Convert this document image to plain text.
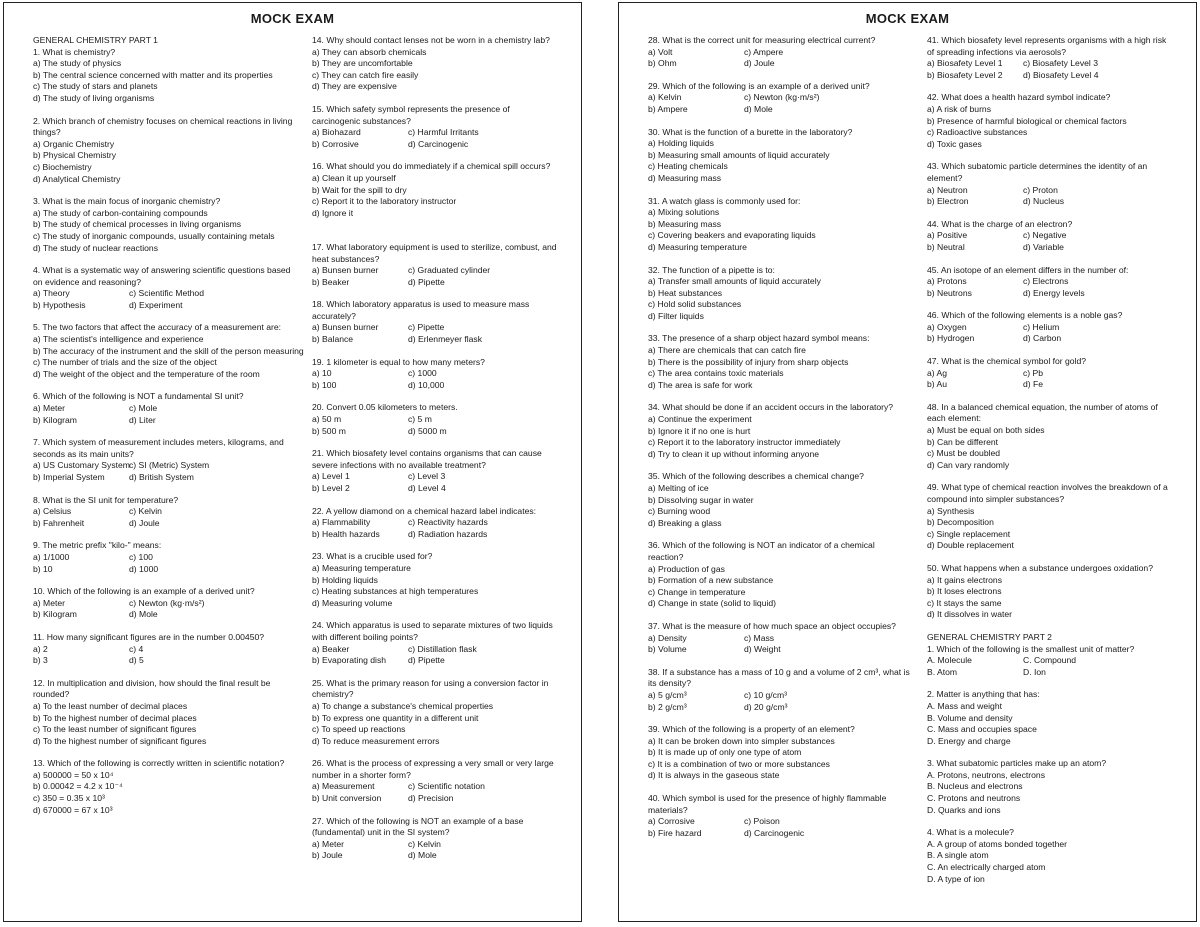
MOCK EXAM
GENERAL CHEMISTRY PART 1
1. What is chemistry?
a) The study of physics
b) The central science concerned with matter and its properties
c) The study of stars and planets
d) The study of living organisms
2. Which branch of chemistry focuses on chemical reactions in living things?
a) Organic Chemistry
b) Physical Chemistry
c) Biochemistry
d) Analytical Chemistry
3. What is the main focus of inorganic chemistry?
a) The study of carbon-containing compounds
b) The study of chemical processes in living organisms
c) The study of inorganic compounds, usually containing metals
d) The study of nuclear reactions
4. What is a systematic way of answering scientific questions based on evidence and reasoning?
a) Theory	c) Scientific Method
b) Hypothesis	d) Experiment
5. The two factors that affect the accuracy of a measurement are:
a) The scientist's intelligence and experience
b) The accuracy of the instrument and the skill of the person measuring
c) The number of trials and the size of the object
d) The weight of the object and the temperature of the room
6. Which of the following is NOT a fundamental SI unit?
a) Meter	c) Mole
b) Kilogram	d) Liter
7. Which system of measurement includes meters, kilograms, and seconds as its main units?
a) US Customary System c) SI (Metric) System
b) Imperial System	d) British System
8. What is the SI unit for temperature?
a) Celsius	c) Kelvin
b) Fahrenheit	d) Joule
9. The metric prefix "kilo-" means:
a) 1/1000	c) 100
b) 10	d) 1000
10. Which of the following is an example of a derived unit?
a) Meter	c) Newton (kg·m/s²)
b) Kilogram	d) Mole
11. How many significant figures are in the number 0.00450?
a) 2	c) 4
b) 3	d) 5
12. In multiplication and division, how should the final result be rounded?
a) To the least number of decimal places
b) To the highest number of decimal places
c) To the least number of significant figures
d) To the highest number of significant figures
13. Which of the following is correctly written in scientific notation?
a) 500000 = 50 x 10⁴
b) 0.00042 = 4.2 x 10⁻⁴
c) 350 = 0.35 x 10³
d) 670000 = 67 x 10³
14. Why should contact lenses not be worn in a chemistry lab?
a) They can absorb chemicals
b) They are uncomfortable
c) They can catch fire easily
d) They are expensive
15. Which safety symbol represents the presence of carcinogenic substances?
a) Biohazard	c) Harmful Irritants
b) Corrosive	d) Carcinogenic
16. What should you do immediately if a chemical spill occurs?
a) Clean it up yourself
b) Wait for the spill to dry
c) Report it to the laboratory instructor
d) Ignore it
17. What laboratory equipment is used to sterilize, combust, and heat substances?
a) Bunsen burner	c) Graduated cylinder
b) Beaker	d) Pipette
18. Which laboratory apparatus is used to measure mass accurately?
a) Bunsen burner	c) Pipette
b) Balance	d) Erlenmeyer flask
19. 1 kilometer is equal to how many meters?
a) 10	c) 1000
b) 100	d) 10,000
20. Convert 0.05 kilometers to meters.
a) 50 m	c) 5 m
b) 500 m	d) 5000 m
21. Which biosafety level contains organisms that can cause severe infections with no available treatment?
a) Level 1	c) Level 3
b) Level 2	d) Level 4
22. A yellow diamond on a chemical hazard label indicates:
a) Flammability	c) Reactivity hazards
b) Health hazards	d) Radiation hazards
23. What is a crucible used for?
a) Measuring temperature
b) Holding liquids
c) Heating substances at high temperatures
d) Measuring volume
24. Which apparatus is used to separate mixtures of two liquids with different boiling points?
a) Beaker	c) Distillation flask
b) Evaporating dish	d) Pipette
25. What is the primary reason for using a conversion factor in chemistry?
a) To change a substance's chemical properties
b) To express one quantity in a different unit
c) To speed up reactions
d) To reduce measurement errors
26. What is the process of expressing a very small or very large number in a shorter form?
a) Measurement	c) Scientific notation
b) Unit conversion	d) Precision
27. Which of the following is NOT an example of a base (fundamental) unit in the SI system?
a) Meter	c) Kelvin
b) Joule	d) Mole
MOCK EXAM
28. What is the correct unit for measuring electrical current?
a) Volt	c) Ampere
b) Ohm	d) Joule
29. Which of the following is an example of a derived unit?
a) Kelvin	c) Newton (kg·m/s²)
b) Ampere	d) Mole
30. What is the function of a burette in the laboratory?
a) Holding liquids
b) Measuring small amounts of liquid accurately
c) Heating chemicals
d) Measuring mass
31. A watch glass is commonly used for:
a) Mixing solutions
b) Measuring mass
c) Covering beakers and evaporating liquids
d) Measuring temperature
32. The function of a pipette is to:
a) Transfer small amounts of liquid accurately
b) Heat substances
c) Hold solid substances
d) Filter liquids
33. The presence of a sharp object hazard symbol means:
a) There are chemicals that can catch fire
b) There is the possibility of injury from sharp objects
c) The area contains toxic materials
d) The area is safe for work
34. What should be done if an accident occurs in the laboratory?
a) Continue the experiment
b) Ignore it if no one is hurt
c) Report it to the laboratory instructor immediately
d) Try to clean it up without informing anyone
35. Which of the following describes a chemical change?
a) Melting of ice
b) Dissolving sugar in water
c) Burning wood
d) Breaking a glass
36. Which of the following is NOT an indicator of a chemical reaction?
a) Production of gas
b) Formation of a new substance
c) Change in temperature
d) Change in state (solid to liquid)
37. What is the measure of how much space an object occupies?
a) Density	c) Mass
b) Volume	d) Weight
38. If a substance has a mass of 10 g and a volume of 2 cm³, what is its density?
a) 5 g/cm³	c) 10 g/cm³
b) 2 g/cm³	d) 20 g/cm³
39. Which of the following is a property of an element?
a) It can be broken down into simpler substances
b) It is made up of only one type of atom
c) It is a combination of two or more substances
d) It is always in the gaseous state
40. Which symbol is used for the presence of highly flammable materials?
a) Corrosive	c) Poison
b) Fire hazard	d) Carcinogenic
41. Which biosafety level represents organisms with a high risk of spreading infections via aerosols?
a) Biosafety Level 1	c) Biosafety Level 3
b) Biosafety Level 2	d) Biosafety Level 4
42. What does a health hazard symbol indicate?
a) A risk of burns
b) Presence of harmful biological or chemical factors
c) Radioactive substances
d) Toxic gases
43. Which subatomic particle determines the identity of an element?
a) Neutron	c) Proton
b) Electron	d) Nucleus
44. What is the charge of an electron?
a) Positive	c) Negative
b) Neutral	d) Variable
45. An isotope of an element differs in the number of:
a) Protons	c) Electrons
b) Neutrons	d) Energy levels
46. Which of the following elements is a noble gas?
a) Oxygen	c) Helium
b) Hydrogen	d) Carbon
47. What is the chemical symbol for gold?
a) Ag	c) Pb
b) Au	d) Fe
48. In a balanced chemical equation, the number of atoms of each element:
a) Must be equal on both sides
b) Can be different
c) Must be doubled
d) Can vary randomly
49. What type of chemical reaction involves the breakdown of a compound into simpler substances?
a) Synthesis
b) Decomposition
c) Single replacement
d) Double replacement
50. What happens when a substance undergoes oxidation?
a) It gains electrons
b) It loses electrons
c) It stays the same
d) It dissolves in water
GENERAL CHEMISTRY PART 2
1. Which of the following is the smallest unit of matter?
A. Molecule	C. Compound
B. Atom	D. Ion
2. Matter is anything that has:
A. Mass and weight
B. Volume and density
C. Mass and occupies space
D. Energy and charge
3. What subatomic particles make up an atom?
A. Protons, neutrons, electrons
B. Nucleus and electrons
C. Protons and neutrons
D. Quarks and ions
4. What is a molecule?
A. A group of atoms bonded together
B. A single atom
C. An electrically charged atom
D. A type of ion
